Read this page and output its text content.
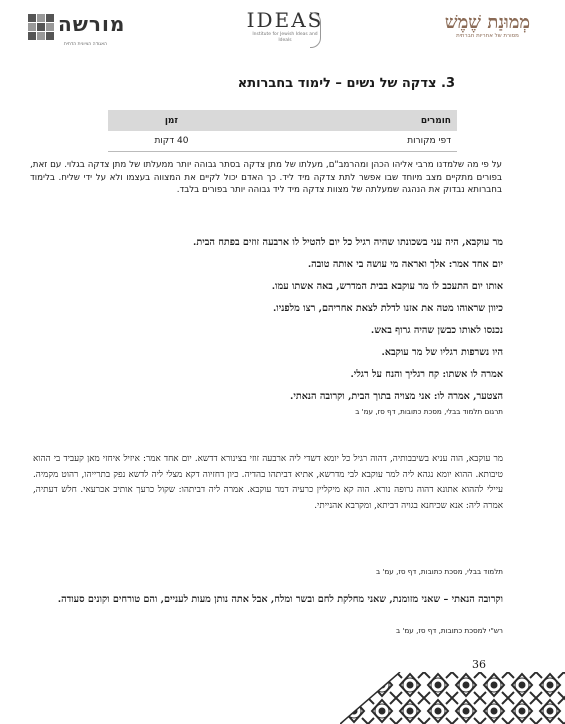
מורשה
האגודה הציונית הדתית
IDEAS
Institute for Jewish Ideas and Ideals
מְמוּנַת שֶׁמֶשׁ
מסורת של אחריות חברתית
3. צדקה של נשים – לימוד בחברותא
חומרים	זמן
דפי מקורות	40 דקות
על פי מה שלמדנו מרבי אליהו הכהן ומהרמב"ם, מעלתו של מתן צדקה בסתר גבוהה יותר ממעלתו של מתן צדקה בגלוי. עם זאת, בפורים מתקיים מצב מיוחד שבו אפשר לתת צדקה מיד ליד. כך האדם יכול לקיים את המצווה בעצמו ולא על ידי שליח. בלימוד בחברותא נבדוק את הנהגה שמעלתה של מצוות צדקה מיד ליד גבוהה יותר בפורים בלבד.

מר עוקבא, היה עני בשכונתו שהיה רגיל כל יום להטיל לו ארבעה זוזים בפתח הבית.

יום אחד אמר: אלך ואראה מי עושה בי אותה טובה.

אותו יום התעכב לו מר עוקבא בבית המדרש, באה אשתו עמו.

כיוון שראוהו מטה את אזנו לדלת לצאת אחריהם, רצו מלפניו.

נכנסו לאותו כבשן שהיה גרוף באש.

היו נשרפות רגליו של מר עוקבא.

אמרה לו אשתו: קח רגליך והנח על רגלי.

הצטער, אמרה לו: אני מצויה בתוך הבית, וקרובה הנאתי.

תרגום תלמוד בבלי, מסכת כתובות, דף סז, עמ' ב
מר עוקבא, הוה עניא בשיבבותיה, דהוה רגיל כל יומא דשדי ליה ארבעה זוזי בצינורא דדשא. יום אחד אמר: איזיל איחזי מאן קעביד בי ההוא טיבותא. ההוא יומא נגהא ליה למר עוקבא לבי מדרשא, אתיא דביתהו בהדיה. כיון דחזיוה דקא מצלי ליה לדשא נפק בתרייהו, רהוט מקמיה. עיילי לההוא אתונא דהוה גרופה נורא. הוה קא מיקליין כרעיה דמר עוקבא. אמרה ליה דביתהו: שקול כרעך אותיב אכרעאי. חלש דעתיה, אמרה ליה: אנא שכיחנא בגויה דביתא, ומקרבא אהנייתי.
תלמוד בבלי, מסכת כתובות, דף סז, עמ' ב
וקרובה הנאתי – שאני מזומנת, שאני מחלקת לחם ובשר ומלח, אבל אתה נותן מעות לעניים, והם טורחים וקונים סעודה.
רש"י למסכת כתובות, דף סז, עמ' ב
36
